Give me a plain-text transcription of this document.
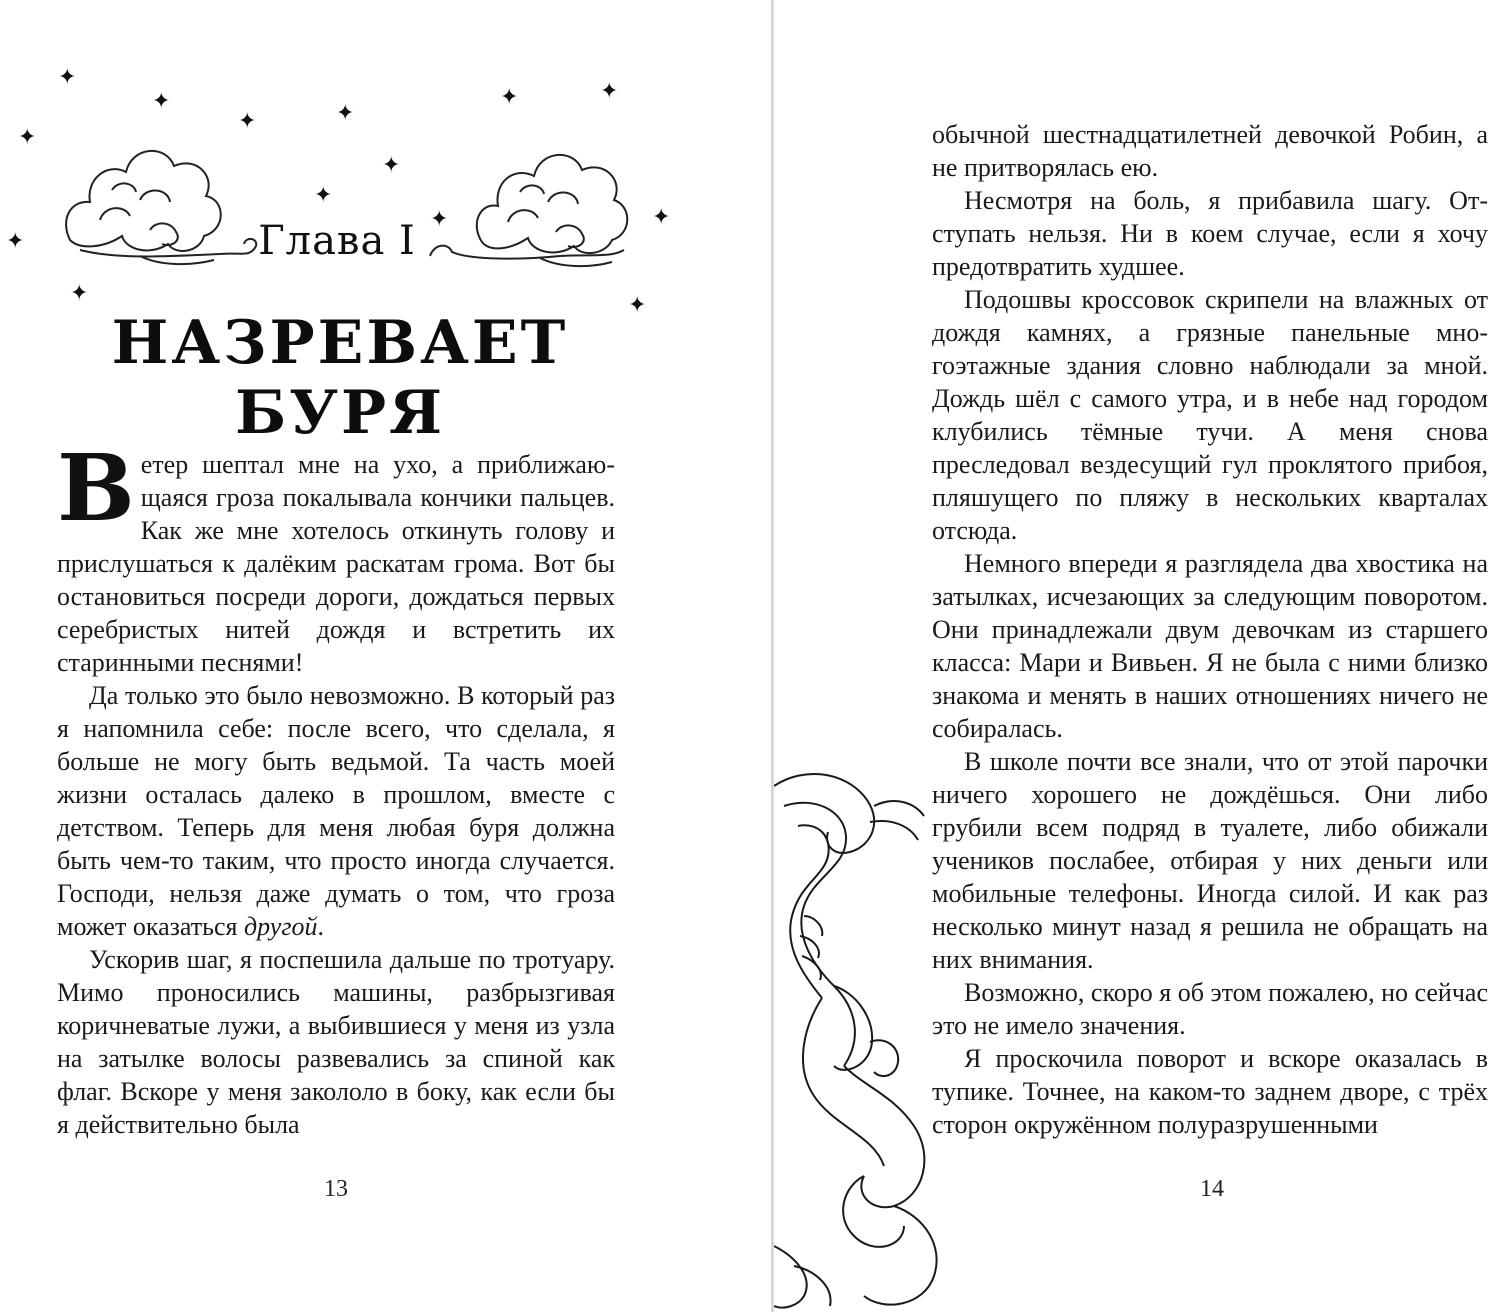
✦
✦
✦	✦
✦	✦
✦
✦
✦
✦	✦
✦
✦	✦
Глава I
НАЗРЕВАЕТ БУРЯ

Ветер шептал мне на ухо, а приближающаяся гроза покалывала кончики пальцев. Как же мне хотелось откинуть голову и прислушаться к далёким раскатам грома. Вот бы остановиться посреди дороги, дождаться первых серебристых нитей дождя и встретить их старинными песнями!

Да только это было невозможно. В который раз я напомнила себе: после всего, что сделала, я больше не могу быть ведьмой. Та часть моей жизни осталась далеко в прошлом, вместе с детством. Теперь для меня любая буря должна быть чем-то таким, что просто иногда случается. Господи, нельзя даже думать о том, что гроза может оказаться другой.

Ускорив шаг, я поспешила дальше по тротуару. Мимо проносились машины, разбрызгивая коричневатые лужи, а выбившиеся у меня из узла на затылке волосы развевались за спиной как флаг. Вскоре у меня закололо в боку, как если бы я действительно была

13

обычной шестнадцатилетней девочкой Робин, а не притворялась ею.

Несмотря на боль, я прибавила шагу. Отступать нельзя. Ни в коем случае, если я хочу предотвратить худшее.

Подошвы кроссовок скрипели на влажных от дождя камнях, а грязные панельные многоэтажные здания словно наблюдали за мной. Дождь шёл с самого утра, и в небе над городом клубились тёмные тучи. А меня снова преследовал вездесущий гул проклятого прибоя, пляшущего по пляжу в нескольких кварталах отсюда.

Немного впереди я разглядела два хвостика на затылках, исчезающих за следующим поворотом. Они принадлежали двум девочкам из старшего класса: Мари и Вивьен. Я не была с ними близко знакома и менять в наших отношениях ничего не собиралась.

В школе почти все знали, что от этой парочки ничего хорошего не дождёшься. Они либо грубили всем подряд в туалете, либо обижали учеников послабее, отбирая у них деньги или мобильные телефоны. Иногда силой. И как раз несколько минут назад я решила не обращать на них внимания.

Возможно, скоро я об этом пожалею, но сейчас это не имело значения.

Я проскочила поворот и вскоре оказалась в тупике. Точнее, на каком-то заднем дворе, с трёх сторон окружённом полуразрушенными

14
